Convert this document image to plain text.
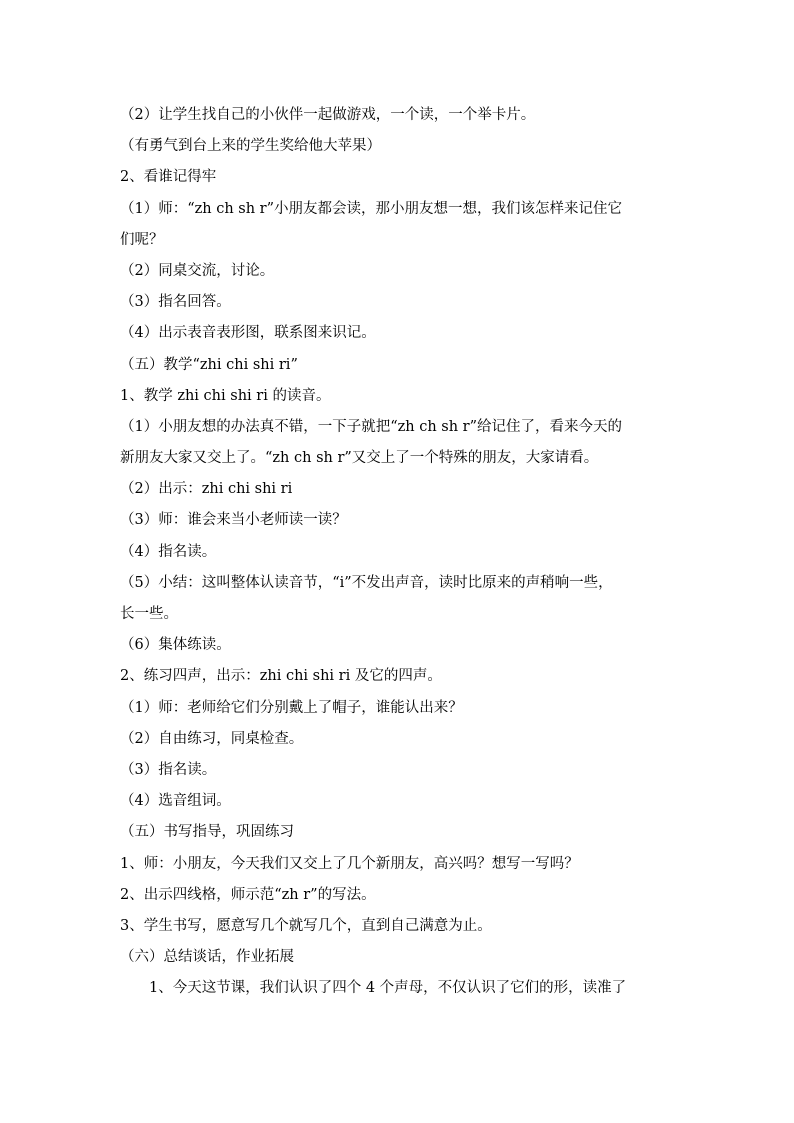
（2）让学生找自己的小伙伴一起做游戏，一个读，一个举卡片。
（有勇气到台上来的学生奖给他大苹果）
2、看谁记得牢
（1）师：“zh ch sh r”小朋友都会读，那小朋友想一想，我们该怎样来记住它
们呢？
（2）同桌交流，讨论。
（3）指名回答。
（4）出示表音表形图，联系图来识记。
（五）教学“zhi chi shi ri”
1、教学 zhi chi shi ri 的读音。
（1）小朋友想的办法真不错，一下子就把“zh ch sh r”给记住了，看来今天的
新朋友大家又交上了。“zh ch sh r”又交上了一个特殊的朋友，大家请看。
（2）出示：zhi chi shi ri
（3）师：谁会来当小老师读一读？
（4）指名读。
（5）小结：这叫整体认读音节，“i”不发出声音，读时比原来的声稍响一些，
长一些。
（6）集体练读。
2、练习四声，出示：zhi chi shi ri 及它的四声。
（1）师：老师给它们分别戴上了帽子，谁能认出来？
（2）自由练习，同桌检查。
（3）指名读。
（4）选音组词。
（五）书写指导，巩固练习
1、师：小朋友，今天我们又交上了几个新朋友，高兴吗？想写一写吗？
2、出示四线格，师示范“zh r”的写法。
3、学生书写，愿意写几个就写几个，直到自己满意为止。
（六）总结谈话，作业拓展
1、今天这节课，我们认识了四个 4 个声母，不仅认识了它们的形，读准了
